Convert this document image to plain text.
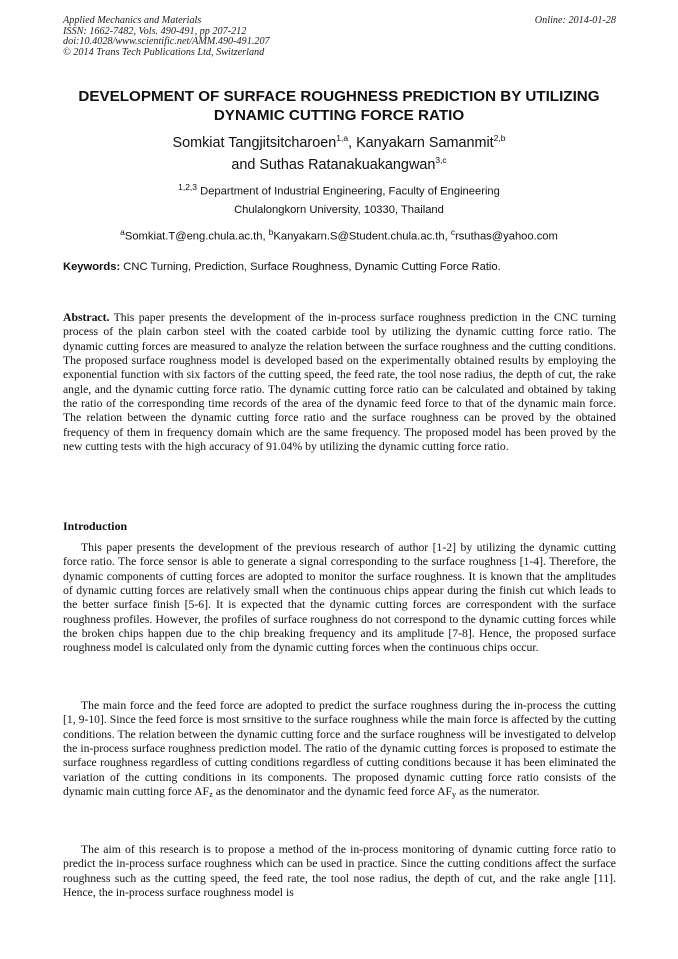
Applied Mechanics and Materials
ISSN: 1662-7482, Vols. 490-491, pp 207-212
doi:10.4028/www.scientific.net/AMM.490-491.207
© 2014 Trans Tech Publications Ltd, Switzerland
Online: 2014-01-28
DEVELOPMENT OF SURFACE ROUGHNESS PREDICTION BY UTILIZING
DYNAMIC CUTTING FORCE RATIO
Somkiat Tangjitsitcharoen$^{1,a}$, Kanyakarn Samanmit$^{2,b}$
and Suthas Ratanakuakangwan$^{3,c}$
$^{1,2,3}$ Department of Industrial Engineering, Faculty of Engineering
Chulalongkorn University, 10330, Thailand
$^a$Somkiat.T@eng.chula.ac.th, $^b$Kanyakarn.S@Student.chula.ac.th, $^c$rsuthas@yahoo.com
Keywords: CNC Turning, Prediction, Surface Roughness, Dynamic Cutting Force Ratio.
Abstract. This paper presents the development of the in-process surface roughness prediction in the CNC turning process of the plain carbon steel with the coated carbide tool by utilizing the dynamic cutting force ratio. The dynamic cutting forces are measured to analyze the relation between the surface roughness and the cutting conditions. The proposed surface roughness model is developed based on the experimentally obtained results by employing the exponential function with six factors of the cutting speed, the feed rate, the tool nose radius, the depth of cut, the rake angle, and the dynamic cutting force ratio. The dynamic cutting force ratio can be calculated and obtained by taking the ratio of the corresponding time records of the area of the dynamic feed force to that of the dynamic main force. The relation between the dynamic cutting force ratio and the surface roughness can be proved by the obtained frequency of them in frequency domain which are the same frequency. The proposed model has been proved by the new cutting tests with the high accuracy of 91.04% by utilizing the dynamic cutting force ratio.
Introduction
This paper presents the development of the previous research of author [1-2] by utilizing the dynamic cutting force ratio. The force sensor is able to generate a signal corresponding to the surface roughness [1-4]. Therefore, the dynamic components of cutting forces are adopted to monitor the surface roughness. It is known that the amplitudes of dynamic cutting forces are relatively small when the continuous chips appear during the finish cut which leads to the better surface finish [5-6]. It is expected that the dynamic cutting forces are correspondent with the surface roughness profiles. However, the profiles of surface roughness do not correspond to the dynamic cutting forces while the broken chips happen due to the chip breaking frequency and its amplitude [7-8]. Hence, the proposed surface roughness model is calculated only from the dynamic cutting forces when the continuous chips occur.
The main force and the feed force are adopted to predict the surface roughness during the in-process the cutting [1, 9-10]. Since the feed force is most srnsitive to the surface roughness while the main force is affected by the cutting conditions. The relation between the dynamic cutting force and the surface roughness will be investigated to delvelop the in-process surface roughness prediction model. The ratio of the dynamic cutting forces is proposed to estimate the surface roughness regardless of cutting conditions regardless of cutting conditions because it has been eliminated the variation of the cutting conditions in its components. The proposed dynamic cutting force ratio consists of the dynamic main cutting force $AF_z$ as the denominator and the dynamic feed force $AF_y$ as the numerator.
The aim of this research is to propose a method of the in-process monitoring of dynamic cutting force ratio to predict the in-process surface roughness which can be used in practice. Since the cutting conditions affect the surface roughness such as the cutting speed, the feed rate, the tool nose radius, the depth of cut, and the rake angle [11]. Hence, the in-process surface roughness model is
